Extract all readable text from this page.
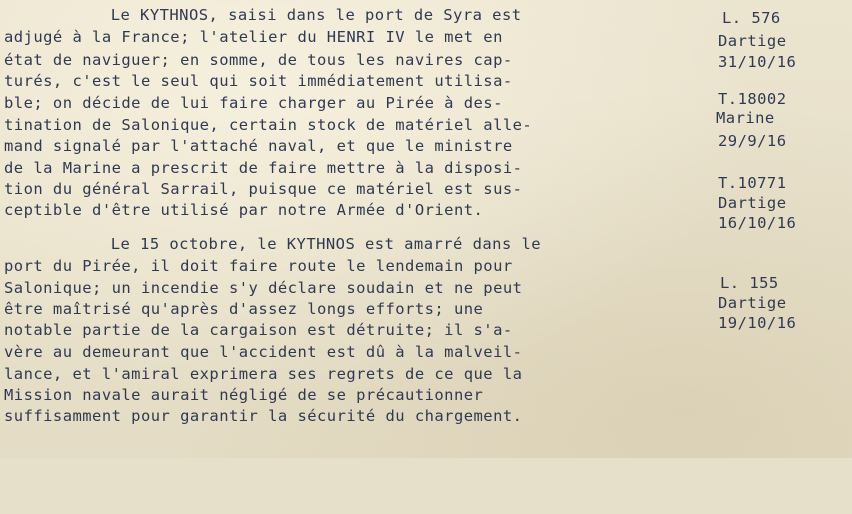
Le KYTHNOS, saisi dans le port de Syra est

adjugé à la France; l'atelier du HENRI IV le met en

état de naviguer; en somme, de tous les navires cap-

turés, c'est le seul qui soit immédiatement utilisa-

ble; on décide de lui faire charger au Pirée à des-

tination de Salonique, certain stock de matériel alle-

mand signalé par l'attaché naval, et que le ministre

de la Marine a prescrit de faire mettre à la disposi-

tion du général Sarrail, puisque ce matériel est sus-

ceptible d'être utilisé par notre Armée d'Orient.

Le 15 octobre, le KYTHNOS est amarré dans le

port du Pirée, il doit faire route le lendemain pour

Salonique; un incendie s'y déclare soudain et ne peut

être maîtrisé qu'après d'assez longs efforts; une

notable partie de la cargaison est détruite; il s'a-

vère au demeurant que l'accident est dû à la malveil-

lance, et l'amiral exprimera ses regrets de ce que la

Mission navale aurait négligé de se précautionner

suffisamment pour garantir la sécurité du chargement.

L. 576

Dartige

31/10/16

T.18002

Marine

29/9/16

T.10771

Dartige

16/10/16

L. 155

Dartige

19/10/16
